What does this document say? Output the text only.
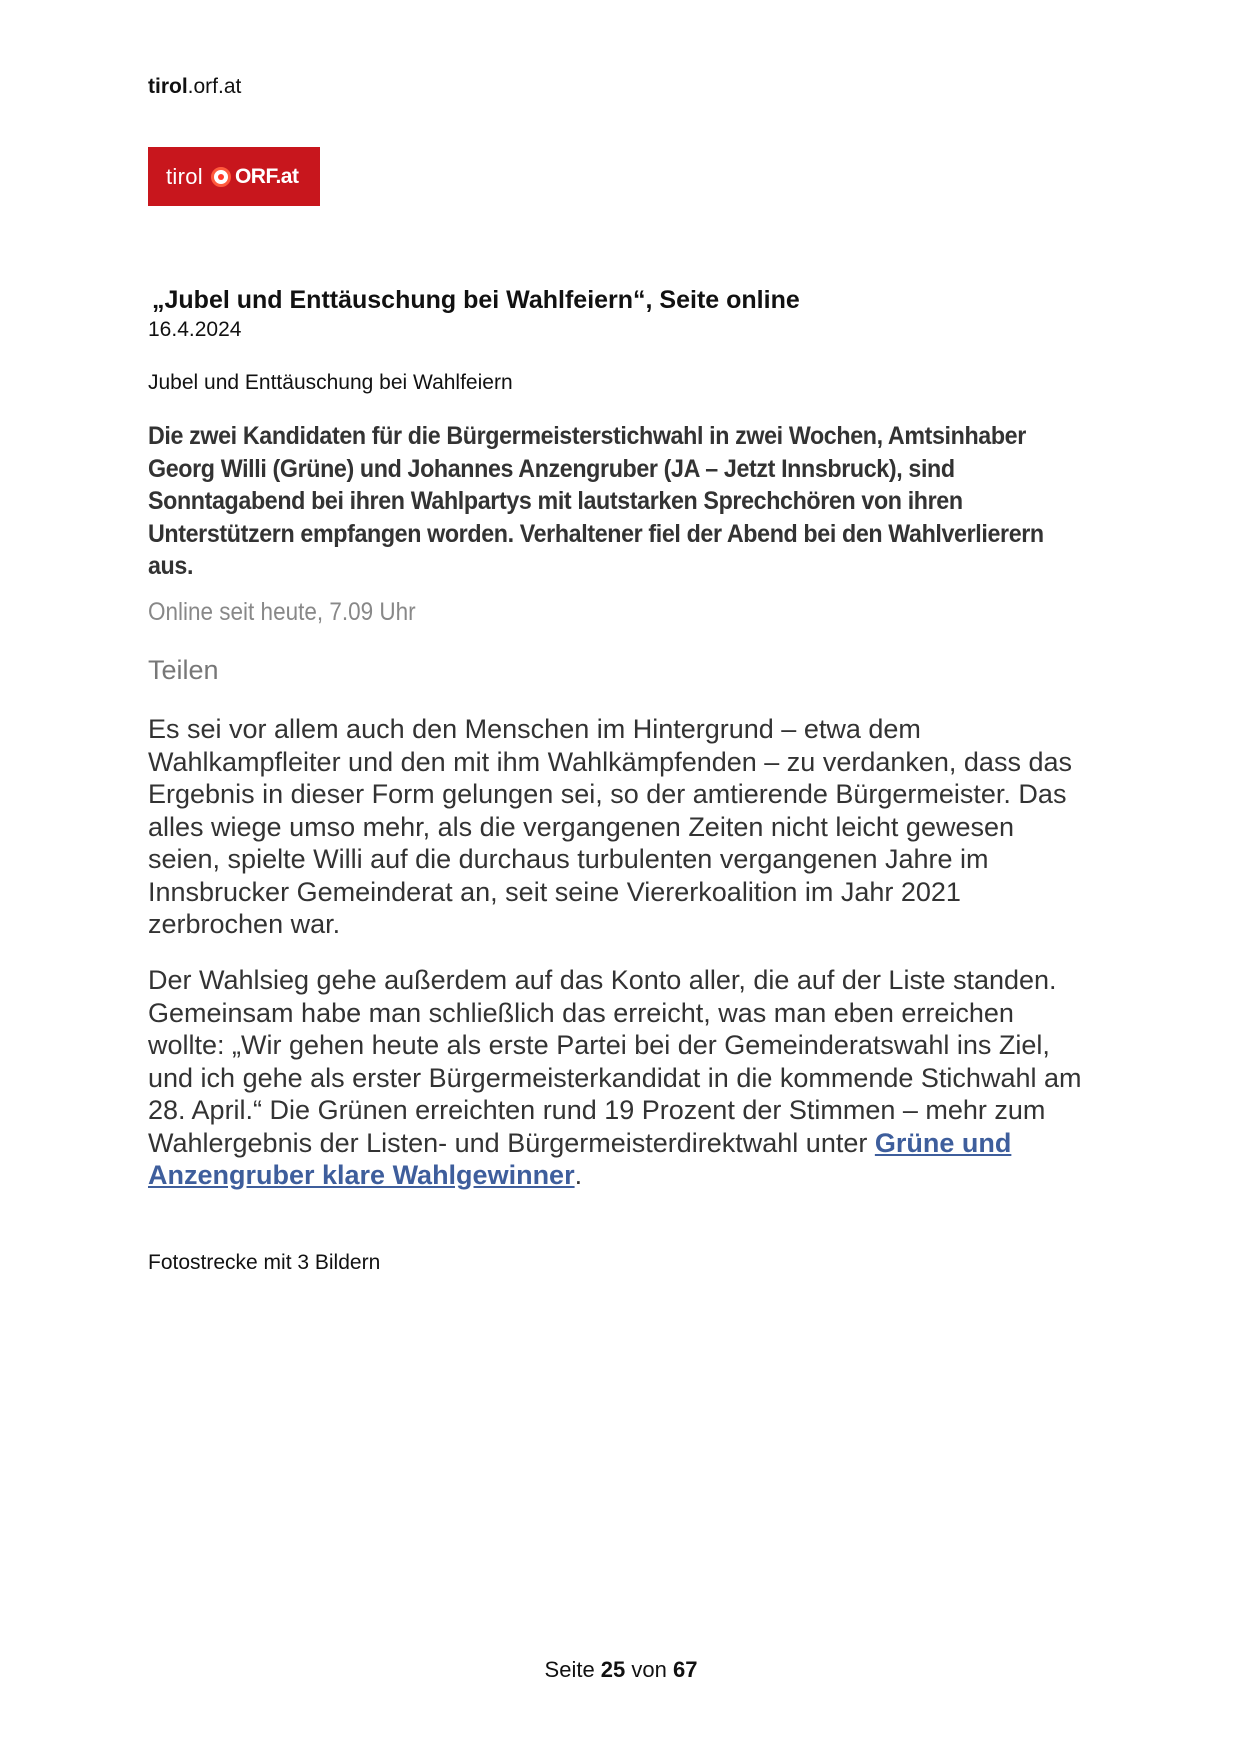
tirol.orf.at
tirol ORF.at
„Jubel und Enttäuschung bei Wahlfeiern“, Seite online
16.4.2024
Jubel und Enttäuschung bei Wahlfeiern
Die zwei Kandidaten für die Bürgermeisterstichwahl in zwei Wochen, Amtsinhaber Georg Willi (Grüne) und Johannes Anzengruber (JA – Jetzt Innsbruck), sind Sonntagabend bei ihren Wahlpartys mit lautstarken Sprechchören von ihren Unterstützern empfangen worden. Verhaltener fiel der Abend bei den Wahlverlierern aus.
Online seit heute, 7.09 Uhr
Teilen
Es sei vor allem auch den Menschen im Hintergrund – etwa dem Wahlkampfleiter und den mit ihm Wahlkämpfenden – zu verdanken, dass das Ergebnis in dieser Form gelungen sei, so der amtierende Bürgermeister. Das alles wiege umso mehr, als die vergangenen Zeiten nicht leicht gewesen seien, spielte Willi auf die durchaus turbulenten vergangenen Jahre im Innsbrucker Gemeinderat an, seit seine Viererkoalition im Jahr 2021 zerbrochen war.
Der Wahlsieg gehe außerdem auf das Konto aller, die auf der Liste standen. Gemeinsam habe man schließlich das erreicht, was man eben erreichen wollte: „Wir gehen heute als erste Partei bei der Gemeinderatswahl ins Ziel, und ich gehe als erster Bürgermeisterkandidat in die kommende Stichwahl am 28. April.“ Die Grünen erreichten rund 19 Prozent der Stimmen – mehr zum Wahlergebnis der Listen- und Bürgermeisterdirektwahl unter Grüne und Anzengruber klare Wahlgewinner.
Fotostrecke mit 3 Bildern
Seite 25 von 67
